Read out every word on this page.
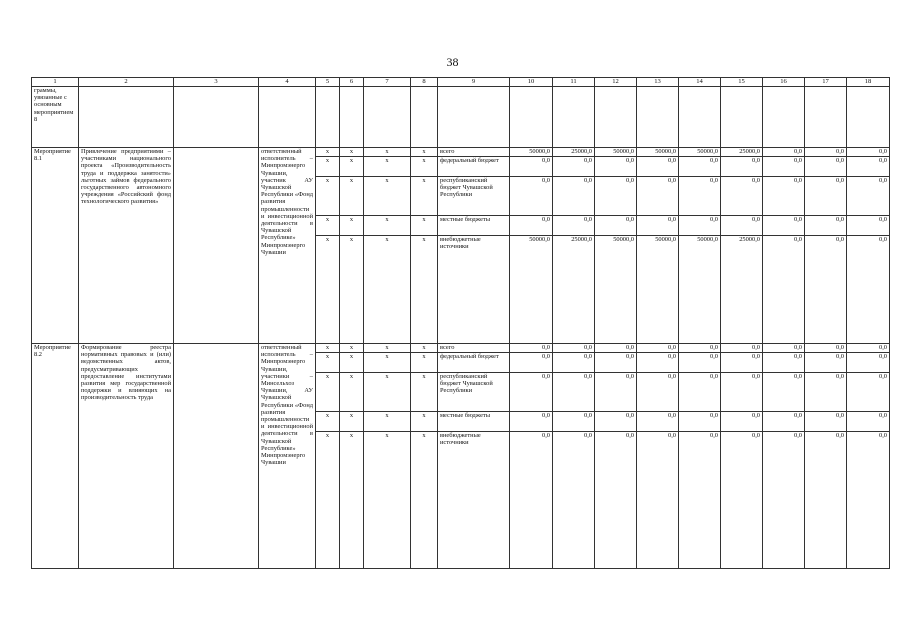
38
1	2	3	4	5	6	7	8	9	10	11	12	13	14	15	16	17	18
граммы, увязанные с основным мероприятием 8																	
Мероприятие 8.1	Привлечение предприятиями – участниками национального проекта «Производительность труда и поддержка занятости» льготных займов федерального государственного автономного учреждения «Российский фонд технологического развития»		ответственный исполнитель – Минпромэнерго Чувашии, участник АУ Чувашской Республики «Фонд развития промышленности и инвестиционной деятельности в Чувашской Республике» Минпромэнерго Чувашии	x	x	x	x	всего	50000,0	25000,0	50000,0	50000,0	50000,0	25000,0	0,0	0,0	0,0
				x	x	x	x	федеральный бюджет	0,0	0,0	0,0	0,0	0,0	0,0	0,0	0,0	0,0
				x	x	x	x	республиканский бюджет Чувашской Республики	0,0	0,0	0,0	0,0	0,0	0,0	0,0	0,0	0,0
				x	x	x	x	местные бюджеты	0,0	0,0	0,0	0,0	0,0	0,0	0,0	0,0	0,0
				x	x	x	x	внебюджетные источники	50000,0	25000,0	50000,0	50000,0	50000,0	25000,0	0,0	0,0	0,0
Мероприятие 8.2	Формирование реестра нормативных правовых и (или) ведомственных актов, предусматривающих предоставление институтами развития мер государственной поддержки и влияющих на производительность труда		ответственный исполнитель – Минпромэнерго Чувашии, участники – Минсельхоз Чувашии, АУ Чувашской Республики «Фонд развития промышленности и инвестиционной деятельности в Чувашской Республике» Минпромэнерго Чувашии	x	x	x	x	всего	0,0	0,0	0,0	0,0	0,0	0,0	0,0	0,0	0,0
				x	x	x	x	федеральный бюджет	0,0	0,0	0,0	0,0	0,0	0,0	0,0	0,0	0,0
				x	x	x	x	республиканский бюджет Чувашской Республики	0,0	0,0	0,0	0,0	0,0	0,0	0,0	0,0	0,0
				x	x	x	x	местные бюджеты	0,0	0,0	0,0	0,0	0,0	0,0	0,0	0,0	0,0
				x	x	x	x	внебюджетные источники	0,0	0,0	0,0	0,0	0,0	0,0	0,0	0,0	0,0
